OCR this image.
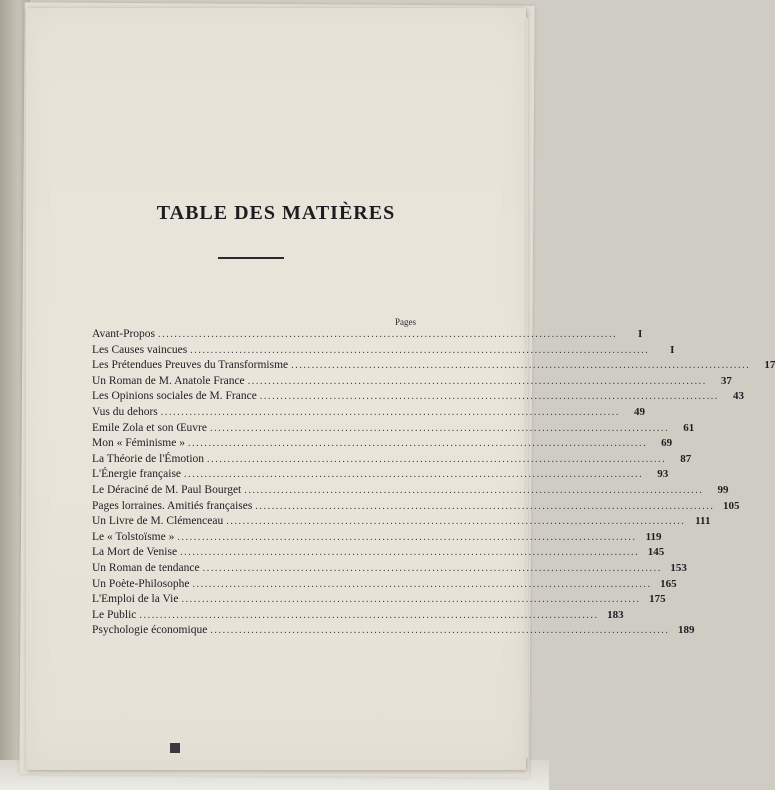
TABLE DES MATIÈRES
Pages
Avant-Propos ................................................................................................................	I
Les Causes vaincues ................................................................................................................	I
Les Prétendues Preuves du Transformisme ................................................................................................................	17
Un Roman de M. Anatole France ................................................................................................................	37
Les Opinions sociales de M. France ................................................................................................................	43
Vus du dehors ................................................................................................................	49
Emile Zola et son Œuvre ................................................................................................................	61
Mon « Féminisme » ................................................................................................................	69
La Théorie de l'Émotion ................................................................................................................	87
L'Énergie française ................................................................................................................	93
Le Déraciné de M. Paul Bourget ................................................................................................................	99
Pages lorraines. Amitiés françaises ................................................................................................................ 105
Un Livre de M. Clémenceau ................................................................................................................ 111
Le « Tolstoïsme » ................................................................................................................ 119
La Mort de Venise ................................................................................................................ 145
Un Roman de tendance ................................................................................................................ 153
Un Poète-Philosophe ................................................................................................................ 165
L'Emploi de la Vie ................................................................................................................ 175
Le Public ................................................................................................................ 183
Psychologie économique ................................................................................................................ 189
